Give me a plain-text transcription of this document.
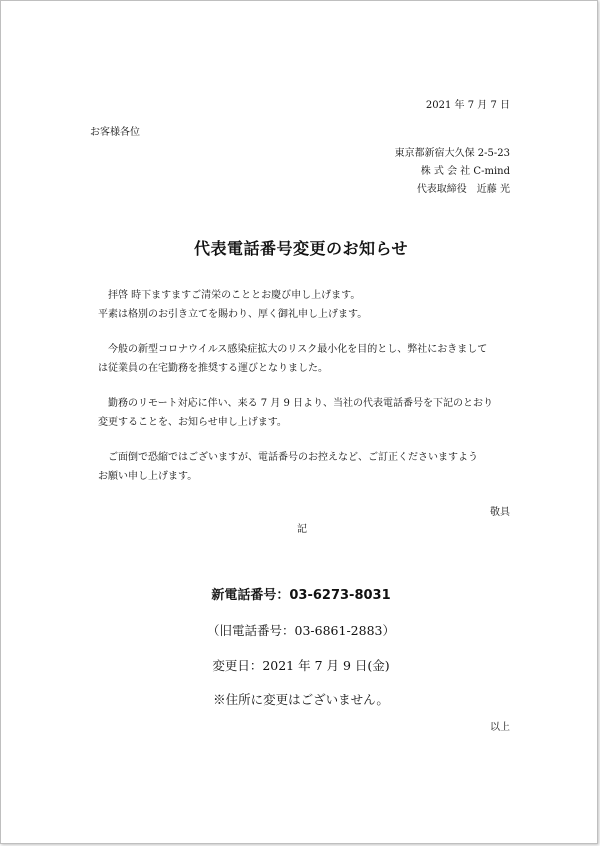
2021 年 7 月 7 日
お客様各位
東京都新宿大久保 2-5-23
株 式 会 社 C-mind
代表取締役　近藤 光
代表電話番号変更のお知らせ
拝啓 時下ますますご清栄のこととお慶び申し上げます。
平素は格別のお引き立てを賜わり、厚く御礼申し上げます。
今般の新型コロナウイルス感染症拡大のリスク最小化を目的とし、弊社におきまして
は従業員の在宅勤務を推奨する運びとなりました。
勤務のリモート対応に伴い、来る 7 月 9 日より、当社の代表電話番号を下記のとおり
変更することを、お知らせ申し上げます。
ご面倒で恐縮ではございますが、電話番号のお控えなど、ご訂正くださいますよう
お願い申し上げます。
敬具
記
新電話番号：03-6273-8031
（旧電話番号：03-6861-2883）
変更日：2021 年 7 月 9 日(金)
※住所に変更はございません。
以上
